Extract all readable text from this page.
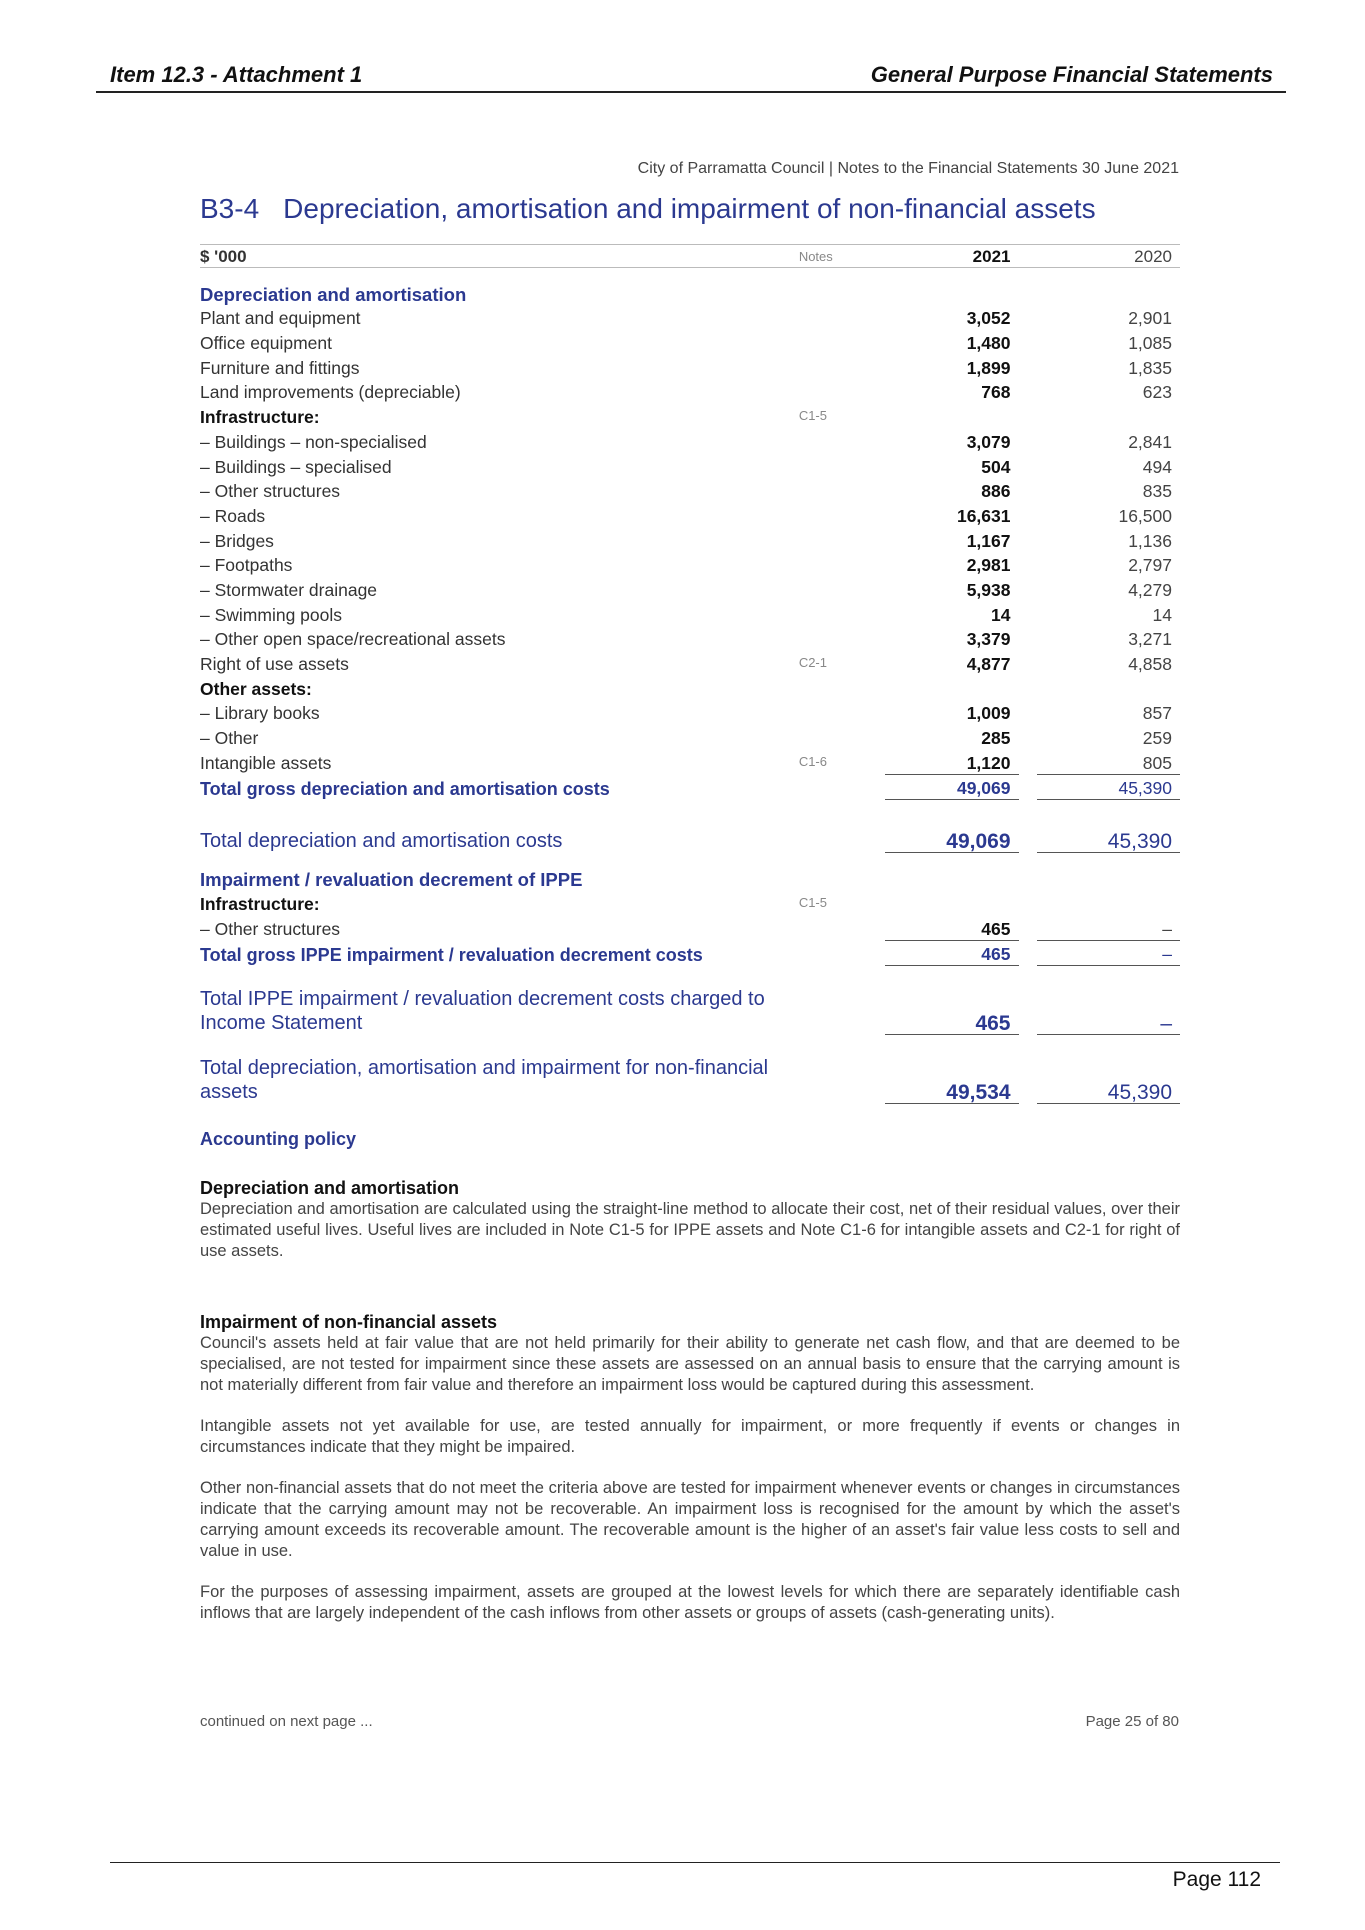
Item 12.3 - Attachment 1	General Purpose Financial Statements
City of Parramatta Council | Notes to the Financial Statements 30 June 2021
B3-4 Depreciation, amortisation and impairment of non-financial assets
$ '000	Notes	2021		2020

Depreciation and amortisation				
Plant and equipment		3,052		2,901
Office equipment		1,480		1,085
Furniture and fittings		1,899		1,835
Land improvements (depreciable)		768		623
Infrastructure:	C1-5			
– Buildings – non-specialised		3,079		2,841
– Buildings – specialised		504		494
– Other structures		886		835
– Roads		16,631		16,500
– Bridges		1,167		1,136
– Footpaths		2,981		2,797
– Stormwater drainage		5,938		4,279
– Swimming pools		14		14
– Other open space/recreational assets		3,379		3,271
Right of use assets	C2-1	4,877		4,858
Other assets:				
– Library books		1,009		857
– Other		285		259
Intangible assets	C1-6	1,120		805
Total gross depreciation and amortisation costs		49,069		45,390
Total depreciation and amortisation costs		49,069		45,390

Impairment / revaluation decrement of IPPE				
Infrastructure:	C1-5			
– Other structures		465		–
Total gross IPPE impairment / revaluation decrement costs		465		–
Total IPPE impairment / revaluation decrement costs charged to Income Statement		465		–
Total depreciation, amortisation and impairment for non-financial assets		49,534		45,390
Accounting policy
Depreciation and amortisation

Depreciation and amortisation are calculated using the straight-line method to allocate their cost, net of their residual values, over their estimated useful lives. Useful lives are included in Note C1-5 for IPPE assets and Note C1-6 for intangible assets and C2-1 for right of use assets.

Impairment of non-financial assets

Council's assets held at fair value that are not held primarily for their ability to generate net cash flow, and that are deemed to be specialised, are not tested for impairment since these assets are assessed on an annual basis to ensure that the carrying amount is not materially different from fair value and therefore an impairment loss would be captured during this assessment.

Intangible assets not yet available for use, are tested annually for impairment, or more frequently if events or changes in circumstances indicate that they might be impaired.

Other non-financial assets that do not meet the criteria above are tested for impairment whenever events or changes in circumstances indicate that the carrying amount may not be recoverable. An impairment loss is recognised for the amount by which the asset's carrying amount exceeds its recoverable amount. The recoverable amount is the higher of an asset's fair value less costs to sell and value in use.

For the purposes of assessing impairment, assets are grouped at the lowest levels for which there are separately identifiable cash inflows that are largely independent of the cash inflows from other assets or groups of assets (cash-generating units).

continued on next page ...	Page 25 of 80
Page 112
